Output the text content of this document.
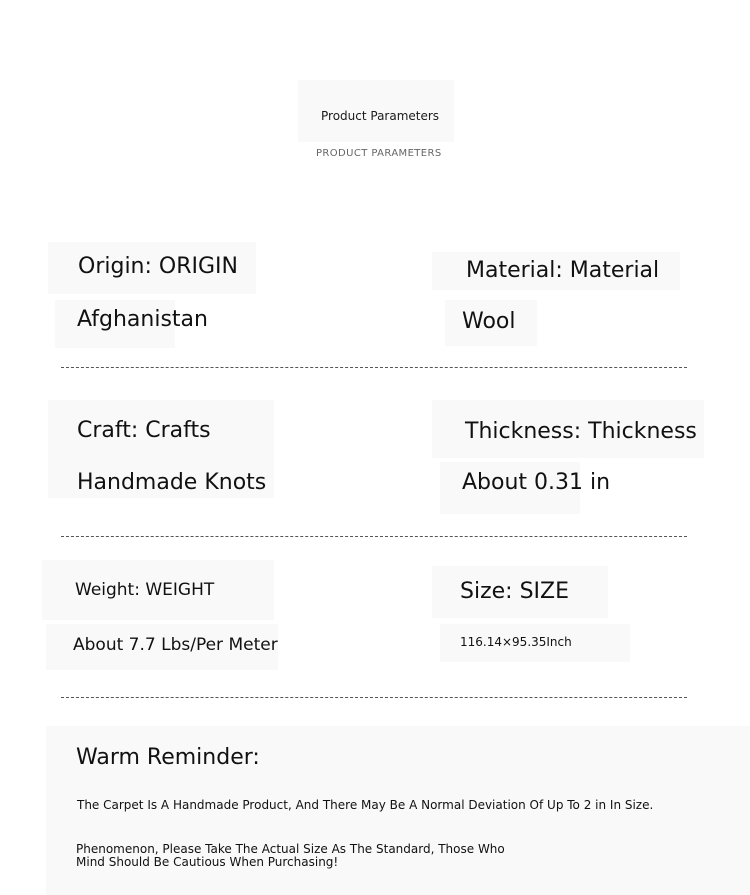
Product Parameters
PRODUCT PARAMETERS
Origin: ORIGIN
Afghanistan
Material: Material
Wool
Craft: Crafts
Handmade Knots
Thickness: Thickness
About 0.31 in
Weight: WEIGHT
About 7.7 Lbs/Per Meter
Size: SIZE
116.14×95.35Inch
Warm Reminder:
The Carpet Is A Handmade Product, And There May Be A Normal Deviation Of Up To 2 in In Size.
Phenomenon, Please Take The Actual Size As The Standard, Those Who Mind Should Be Cautious When Purchasing!
